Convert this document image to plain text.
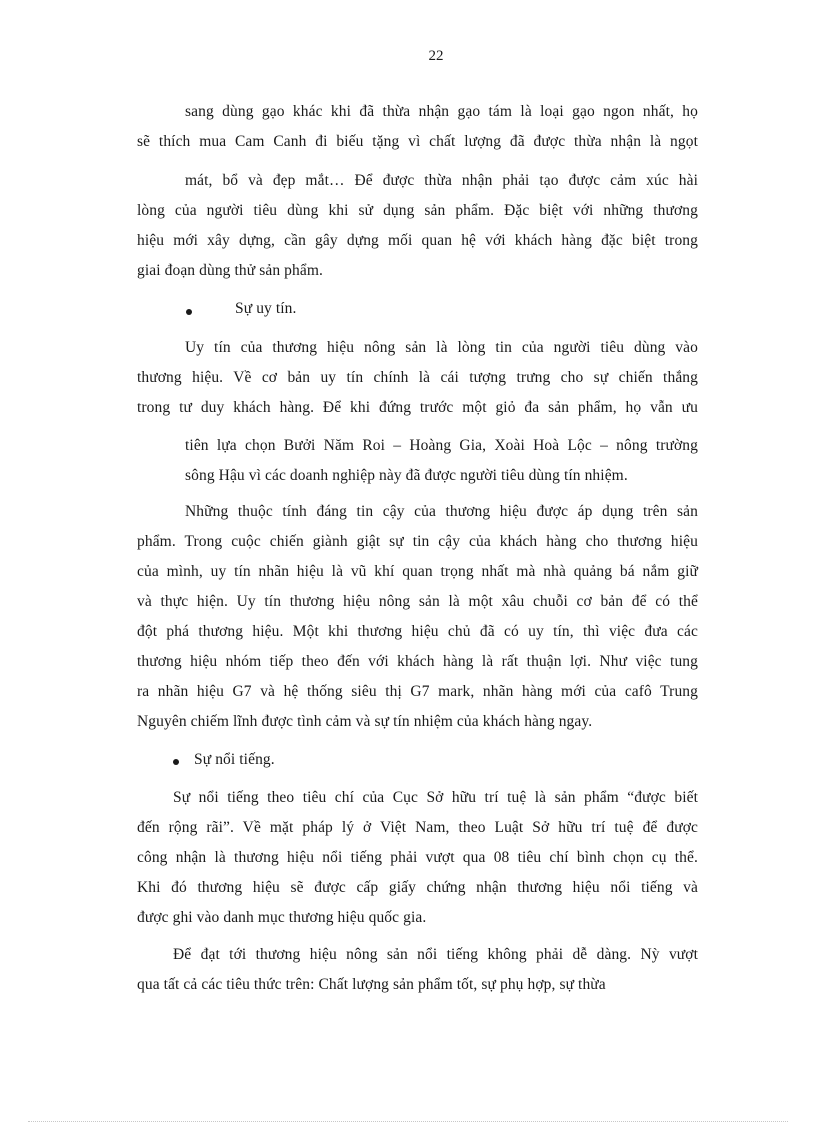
22
sang dùng gạo khác khi đã thừa nhận gạo tám là loại gạo ngon nhất, họ
sẽ thích mua Cam Canh đi biếu tặng vì chất lượng đã được thừa nhận là ngọt
mát, bổ và đẹp mắt… Để được thừa nhận phải tạo được cảm xúc hài
lòng của người tiêu dùng khi sử dụng sản phẩm. Đặc biệt với những thương
hiệu mới xây dựng, cần gây dựng mối quan hệ với khách hàng đặc biệt trong
giai đoạn dùng thử sản phẩm.
Sự uy tín.
Uy tín của thương hiệu nông sản là lòng tin của người tiêu dùng vào
thương hiệu. Về cơ bản uy tín chính là cái tượng trưng cho sự chiến thắng
trong tư duy khách hàng. Để khi đứng trước một giỏ đa sản phẩm, họ vẫn ưu
tiên lựa chọn Bưởi Năm Roi – Hoàng Gia, Xoài Hoà Lộc – nông trường
sông Hậu vì các doanh nghiệp này đã được người tiêu dùng tín nhiệm.
Những thuộc tính đáng tin cậy của thương hiệu được áp dụng trên sản
phẩm. Trong cuộc chiến giành giật sự tin cậy của khách hàng cho thương hiệu
của mình, uy tín nhãn hiệu là vũ khí quan trọng nhất mà nhà quảng bá nắm giữ
và thực hiện. Uy tín thương hiệu nông sản là một xâu chuỗi cơ bản để có thể
đột phá thương hiệu. Một khi thương hiệu chủ đã có uy tín, thì việc đưa các
thương hiệu nhóm tiếp theo đến với khách hàng là rất thuận lợi. Như việc tung
ra nhãn hiệu G7 và hệ thống siêu thị G7 mark, nhãn hàng mới của cafô Trung
Nguyên chiếm lĩnh được tình cảm và sự tín nhiệm của khách hàng ngay.
Sự nổi tiếng.
Sự nổi tiếng theo tiêu chí của Cục Sở hữu trí tuệ là sản phẩm “được biết
đến rộng rãi”. Về mặt pháp lý ở Việt Nam, theo Luật Sở hữu trí tuệ để được
công nhận là thương hiệu nổi tiếng phải vượt qua 08 tiêu chí bình chọn cụ thể.
Khi đó thương hiệu sẽ được cấp giấy chứng nhận thương hiệu nổi tiếng và
được ghi vào danh mục thương hiệu quốc gia.
Để đạt tới thương hiệu nông sản nổi tiếng không phải dễ dàng. Nỳ vượt
qua tất cả các tiêu thức trên: Chất lượng sản phẩm tốt, sự phụ hợp, sự thừa
